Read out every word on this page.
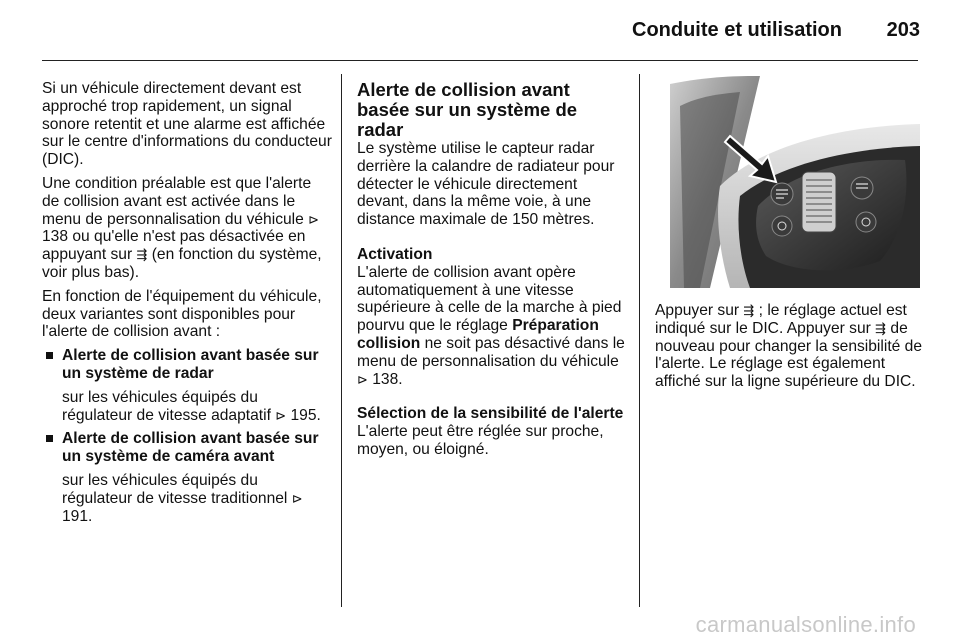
Conduite et utilisation 203

Si un véhicule directement devant est approché trop rapidement, un signal sonore retentit et une alarme est affichée sur le centre d'informations du conducteur (DIC).

Une condition préalable est que l'alerte de collision avant est activée dans le menu de personnalisation du véhicule ⊳ 138 ou qu'elle n'est pas désactivée en appuyant sur ⇶ (en fonction du système, voir plus bas).

En fonction de l'équipement du véhicule, deux variantes sont disponibles pour l'alerte de collision avant :

Alerte de collision avant basée sur un système de radar
sur les véhicules équipés du régulateur de vitesse adaptatif ⊳ 195.
Alerte de collision avant basée sur un système de caméra avant
sur les véhicules équipés du régulateur de vitesse traditionnel ⊳ 191.
Alerte de collision avant basée sur un système de radar

Le système utilise le capteur radar derrière la calandre de radiateur pour détecter le véhicule directement devant, dans la même voie, à une distance maximale de 150 mètres.

Activation

L'alerte de collision avant opère automatiquement à une vitesse supérieure à celle de la marche à pied pourvu que le réglage Préparation collision ne soit pas désactivé dans le menu de personnalisation du véhicule ⊳ 138.

Sélection de la sensibilité de l'alerte

L'alerte peut être réglée sur proche, moyen, ou éloigné.

Appuyer sur ⇶ ; le réglage actuel est indiqué sur le DIC. Appuyer sur ⇶ de nouveau pour changer la sensibilité de l'alerte. Le réglage est également affiché sur la ligne supérieure du DIC.

carmanualsonline.info
